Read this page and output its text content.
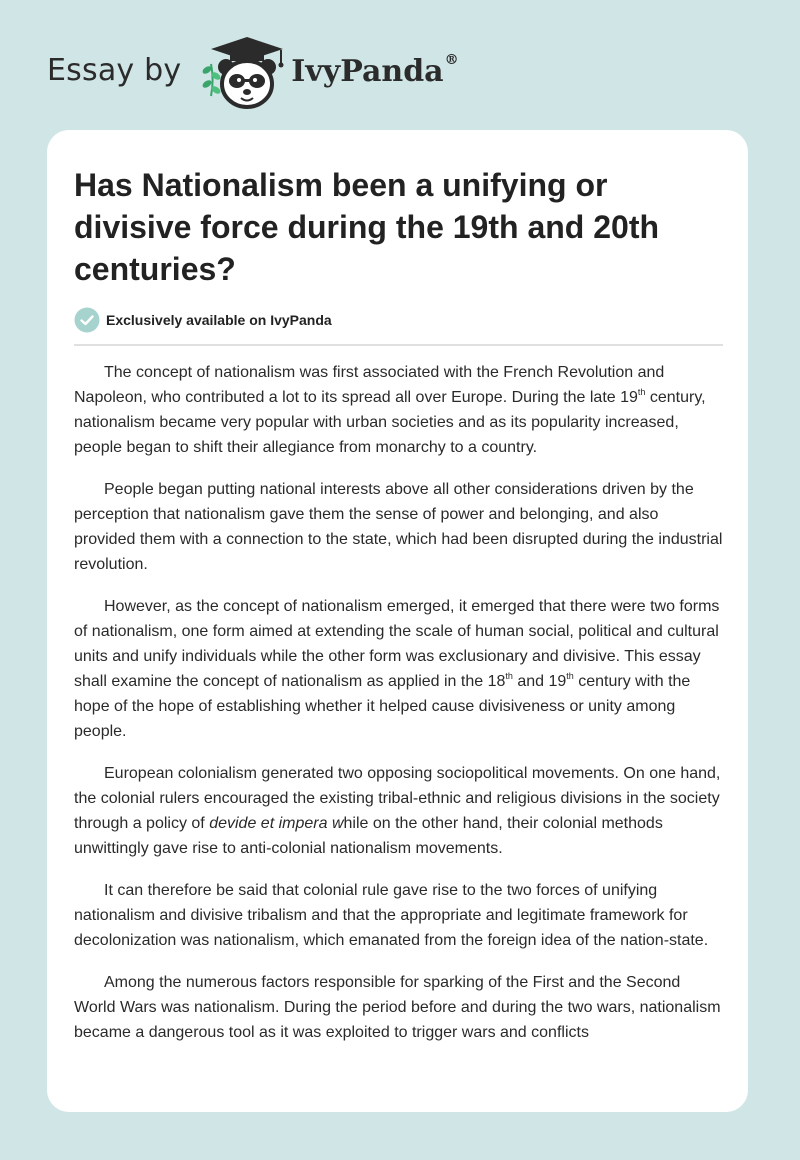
Essay by	IvyPanda®
Has Nationalism been a unifying or divisive force during the 19th and 20th centuries?
Exclusively available on IvyPanda

The concept of nationalism was first associated with the French Revolution and Napoleon, who contributed a lot to its spread all over Europe. During the late 19th century, nationalism became very popular with urban societies and as its popularity increased, people began to shift their allegiance from monarchy to a country.

People began putting national interests above all other considerations driven by the perception that nationalism gave them the sense of power and belonging, and also provided them with a connection to the state, which had been disrupted during the industrial revolution.

However, as the concept of nationalism emerged, it emerged that there were two forms of nationalism, one form aimed at extending the scale of human social, political and cultural units and unify individuals while the other form was exclusionary and divisive. This essay shall examine the concept of nationalism as applied in the 18th and 19th century with the hope of the hope of establishing whether it helped cause divisiveness or unity among people.

European colonialism generated two opposing sociopolitical movements. On one hand, the colonial rulers encouraged the existing tribal-ethnic and religious divisions in the society through a policy of devide et impera while on the other hand, their colonial methods unwittingly gave rise to anti-colonial nationalism movements.

It can therefore be said that colonial rule gave rise to the two forces of unifying nationalism and divisive tribalism and that the appropriate and legitimate framework for decolonization was nationalism, which emanated from the foreign idea of the nation-state.

Among the numerous factors responsible for sparking of the First and the Second World Wars was nationalism. During the period before and during the two wars, nationalism became a dangerous tool as it was exploited to trigger wars and conflicts
